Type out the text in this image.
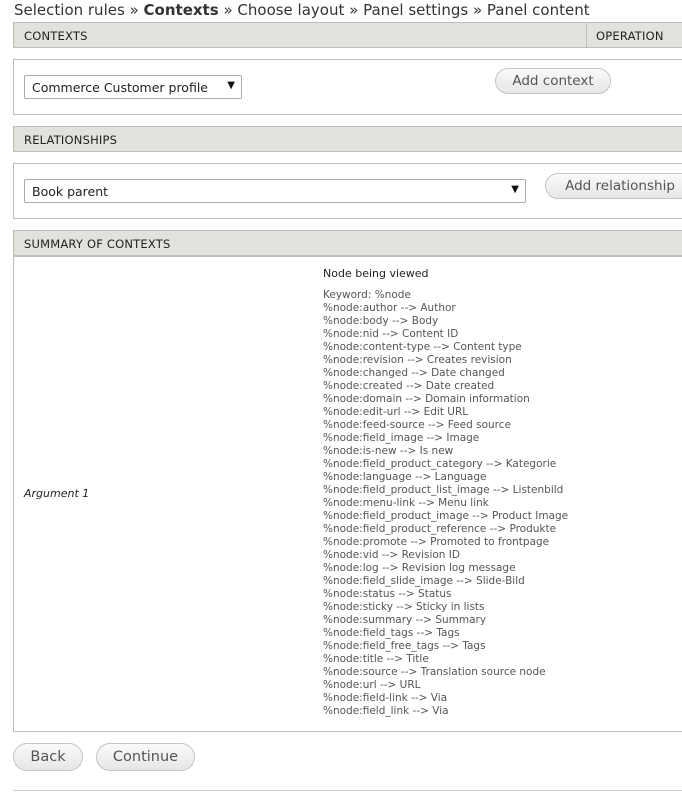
Selection rules » Contexts » Choose layout » Panel settings » Panel content
CONTEXTS	OPERATION
Commerce Customer profile ▼	Add context
RELATIONSHIPS
Book parent	▼	Add relationship
SUMMARY OF CONTEXTS
Argument 1
Node being viewed
Keyword: %node
%node:author --> Author
%node:body --> Body
%node:nid --> Content ID
%node:content-type --> Content type
%node:revision --> Creates revision
%node:changed --> Date changed
%node:created --> Date created
%node:domain --> Domain information
%node:edit-url --> Edit URL
%node:feed-source --> Feed source
%node:field_image --> Image
%node:is-new --> Is new
%node:field_product_category --> Kategorie
%node:language --> Language
%node:field_product_list_image --> Listenbild
%node:menu-link --> Menu link
%node:field_product_image --> Product Image
%node:field_product_reference --> Produkte
%node:promote --> Promoted to frontpage
%node:vid --> Revision ID
%node:log --> Revision log message
%node:field_slide_image --> Slide-Bild
%node:status --> Status
%node:sticky --> Sticky in lists
%node:summary --> Summary
%node:field_tags --> Tags
%node:field_free_tags --> Tags
%node:title --> Title
%node:source --> Translation source node
%node:url --> URL
%node:field-link --> Via
%node:field_link --> Via
Back	Continue
